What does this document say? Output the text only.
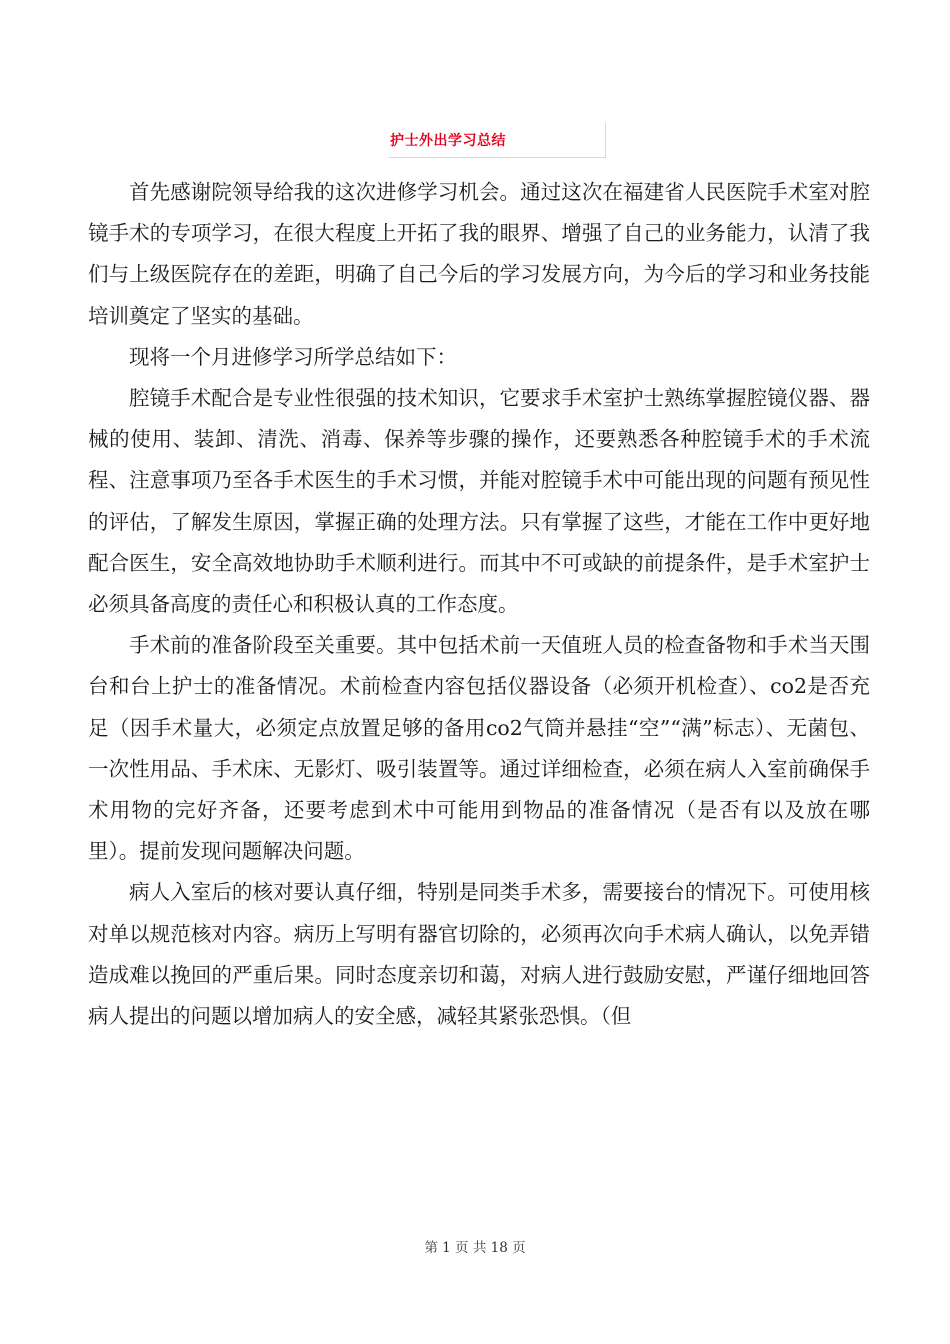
护士外出学习总结

首先感谢院领导给我的这次进修学习机会。通过这次在福建省人民医院手术室对腔镜手术的专项学习，在很大程度上开拓了我的眼界、增强了自己的业务能力，认清了我们与上级医院存在的差距，明确了自己今后的学习发展方向，为今后的学习和业务技能培训奠定了坚实的基础。

现将一个月进修学习所学总结如下：

腔镜手术配合是专业性很强的技术知识，它要求手术室护士熟练掌握腔镜仪器、器械的使用、装卸、清洗、消毒、保养等步骤的操作，还要熟悉各种腔镜手术的手术流程、注意事项乃至各手术医生的手术习惯，并能对腔镜手术中可能出现的问题有预见性的评估，了解发生原因，掌握正确的处理方法。只有掌握了这些，才能在工作中更好地配合医生，安全高效地协助手术顺利进行。而其中不可或缺的前提条件，是手术室护士必须具备高度的责任心和积极认真的工作态度。

手术前的准备阶段至关重要。其中包括术前一天值班人员的检查备物和手术当天围台和台上护士的准备情况。术前检查内容包括仪器设备（必须开机检查）、co2是否充足（因手术量大，必须定点放置足够的备用co2气筒并悬挂“空”“满”标志）、无菌包、一次性用品、手术床、无影灯、吸引装置等。通过详细检查，必须在病人入室前确保手术用物的完好齐备，还要考虑到术中可能用到物品的准备情况（是否有以及放在哪里）。提前发现问题解决问题。

病人入室后的核对要认真仔细，特别是同类手术多，需要接台的情况下。可使用核对单以规范核对内容。病历上写明有器官切除的，必须再次向手术病人确认，以免弄错造成难以挽回的严重后果。同时态度亲切和蔼，对病人进行鼓励安慰，严谨仔细地回答病人提出的问题以增加病人的安全感，减轻其紧张恐惧。（但

第 1 页 共 18 页
